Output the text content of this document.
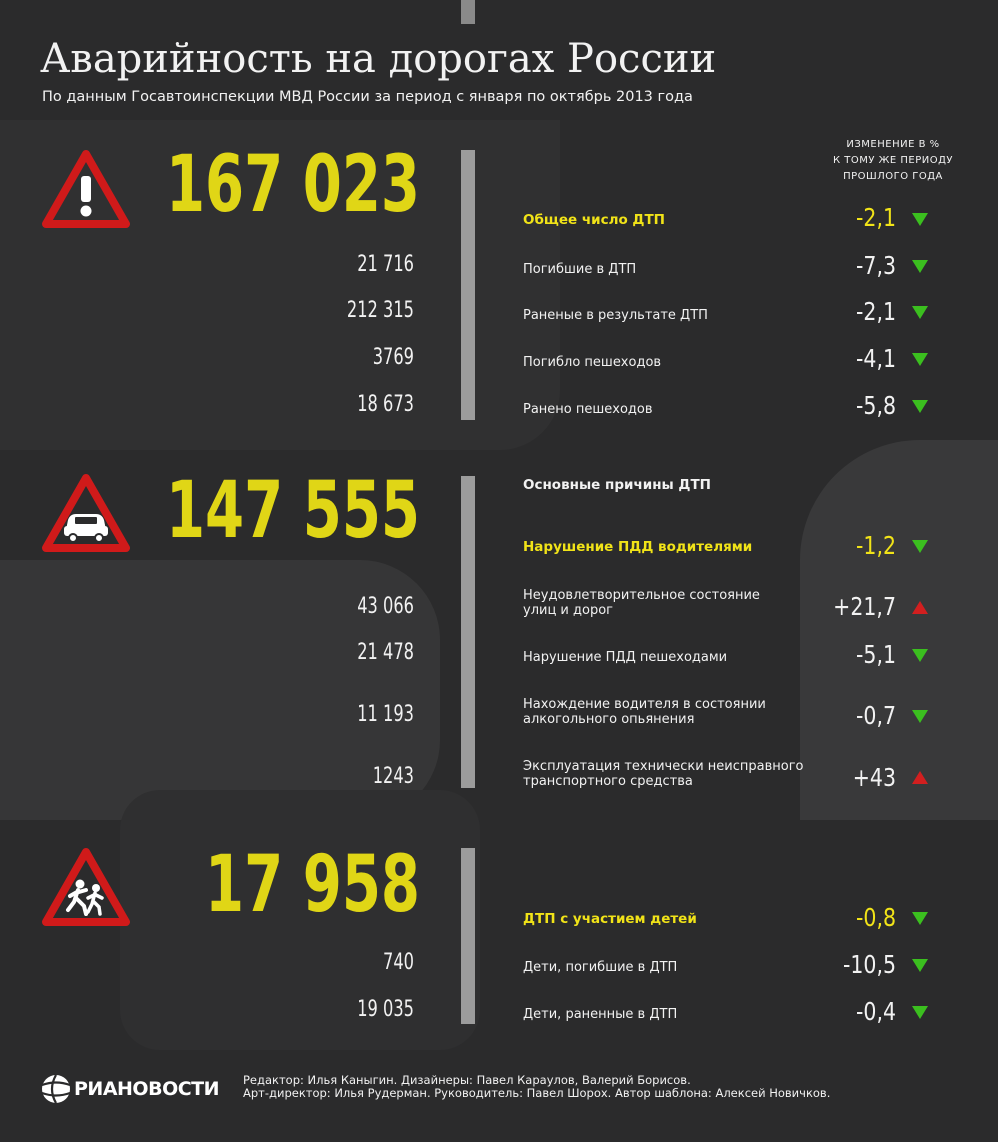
Аварийность на дорогах России
По данным Госавтоинспекции МВД России за период с января по октябрь 2013 года
ИЗМЕНЕНИЕ В %
К ТОМУ ЖЕ ПЕРИОДУ
ПРОШЛОГО ГОДА
167 023	Общее число ДТП	-2,1
21 716	Погибшие в ДТП	-7,3
212 315	Раненые в результате ДТП	-2,1
3769	Погибло пешеходов	-4,1
18 673	Ранено пешеходов	-5,8
147 555	Основные причины ДТП
Нарушение ПДД водителями	-1,2
43 066	Неудовлетворительное состояние улиц и дорог	+21,7
21 478	Нарушение ПДД пешеходами	-5,1
11 193	Нахождение водителя в состоянии алкогольного опьянения	-0,7
1243	Эксплуатация технически неисправного транспортного средства	+43
17 958	ДТП с участием детей	-0,8
740	Дети, погибшие в ДТП	-10,5
19 035	Дети, раненные в ДТП	-0,4
РИАНОВОСТИ Редактор: Илья Каныгин. Дизайнеры: Павел Караулов, Валерий Борисов.
Арт-директор: Илья Рудерман. Руководитель: Павел Шорох. Автор шаблона: Алексей Новичков.
